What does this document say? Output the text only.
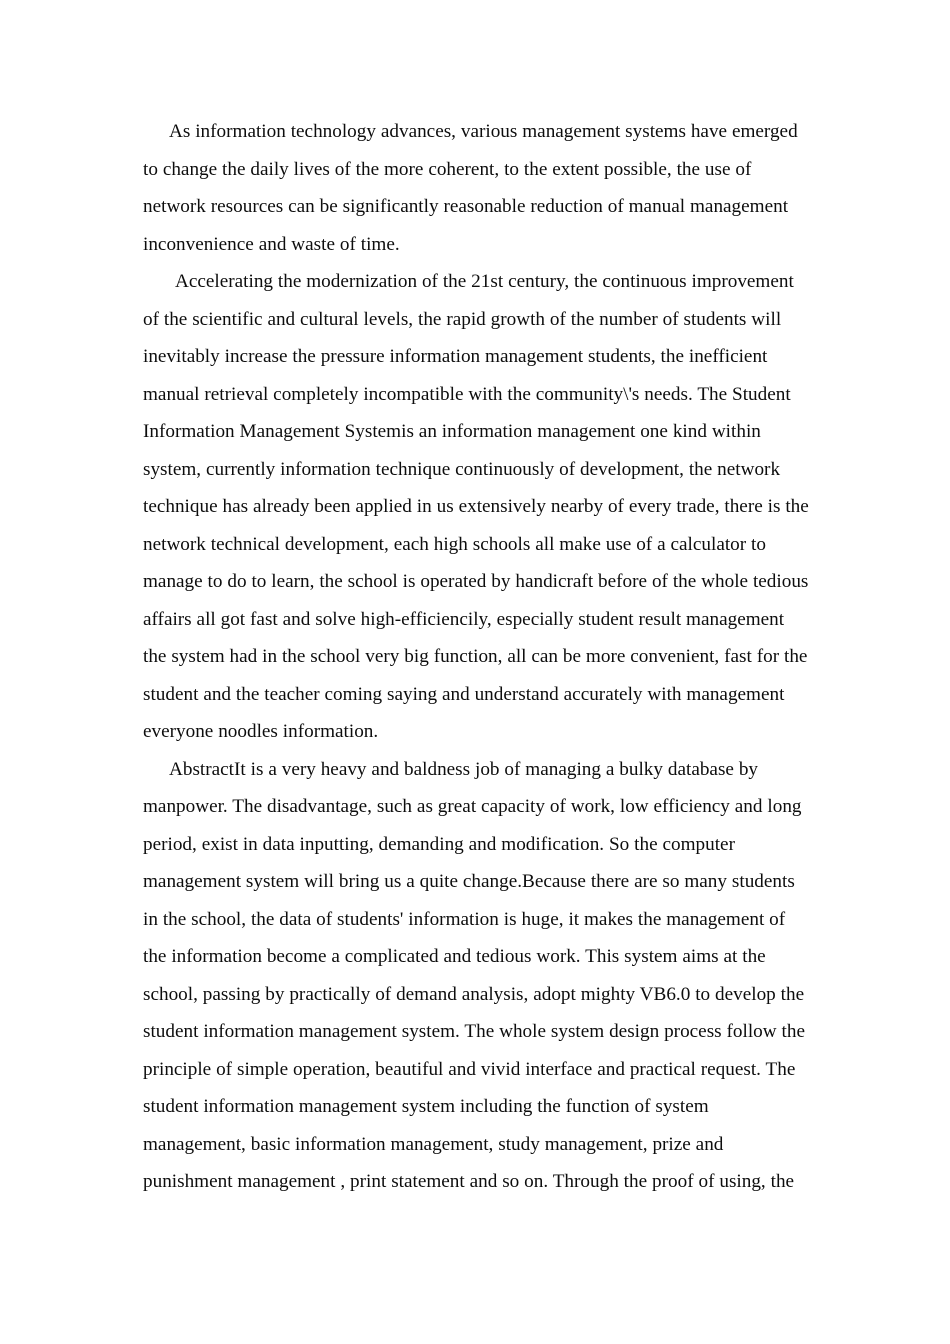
As information technology advances, various management systems have emerged to change the daily lives of the more coherent, to the extent possible, the use of network resources can be significantly reasonable reduction of manual management inconvenience and waste of time.

Accelerating the modernization of the 21st century, the continuous improvement of the scientific and cultural levels, the rapid growth of the number of students will inevitably increase the pressure information management students, the inefficient manual retrieval completely incompatible with the community\'s needs. The Student Information Management Systemis an information management one kind within system, currently information technique continuously of development, the network technique has already been applied in us extensively nearby of every trade, there is the network technical development, each high schools all make use of a calculator to manage to do to learn, the school is operated by handicraft before of the whole tedious affairs all got fast and solve high-efficiencily, especially student result management the system had in the school very big function, all can be more convenient, fast for the student and the teacher coming saying and understand accurately with management everyone noodles information.

AbstractIt is a very heavy and baldness job of managing a bulky database by manpower. The disadvantage, such as great capacity of work, low efficiency and long period, exist in data inputting, demanding and modification. So the computer management system will bring us a quite change.Because there are so many students in the school, the data of students' information is huge, it makes the management of the information become a complicated and tedious work. This system aims at the school, passing by practically of demand analysis, adopt mighty VB6.0 to develop the student information management system. The whole system design process follow the principle of simple operation, beautiful and vivid interface and practical request. The student information management system including the function of system management, basic information management, study management, prize and punishment management , print statement and so on. Through the proof of using, the
